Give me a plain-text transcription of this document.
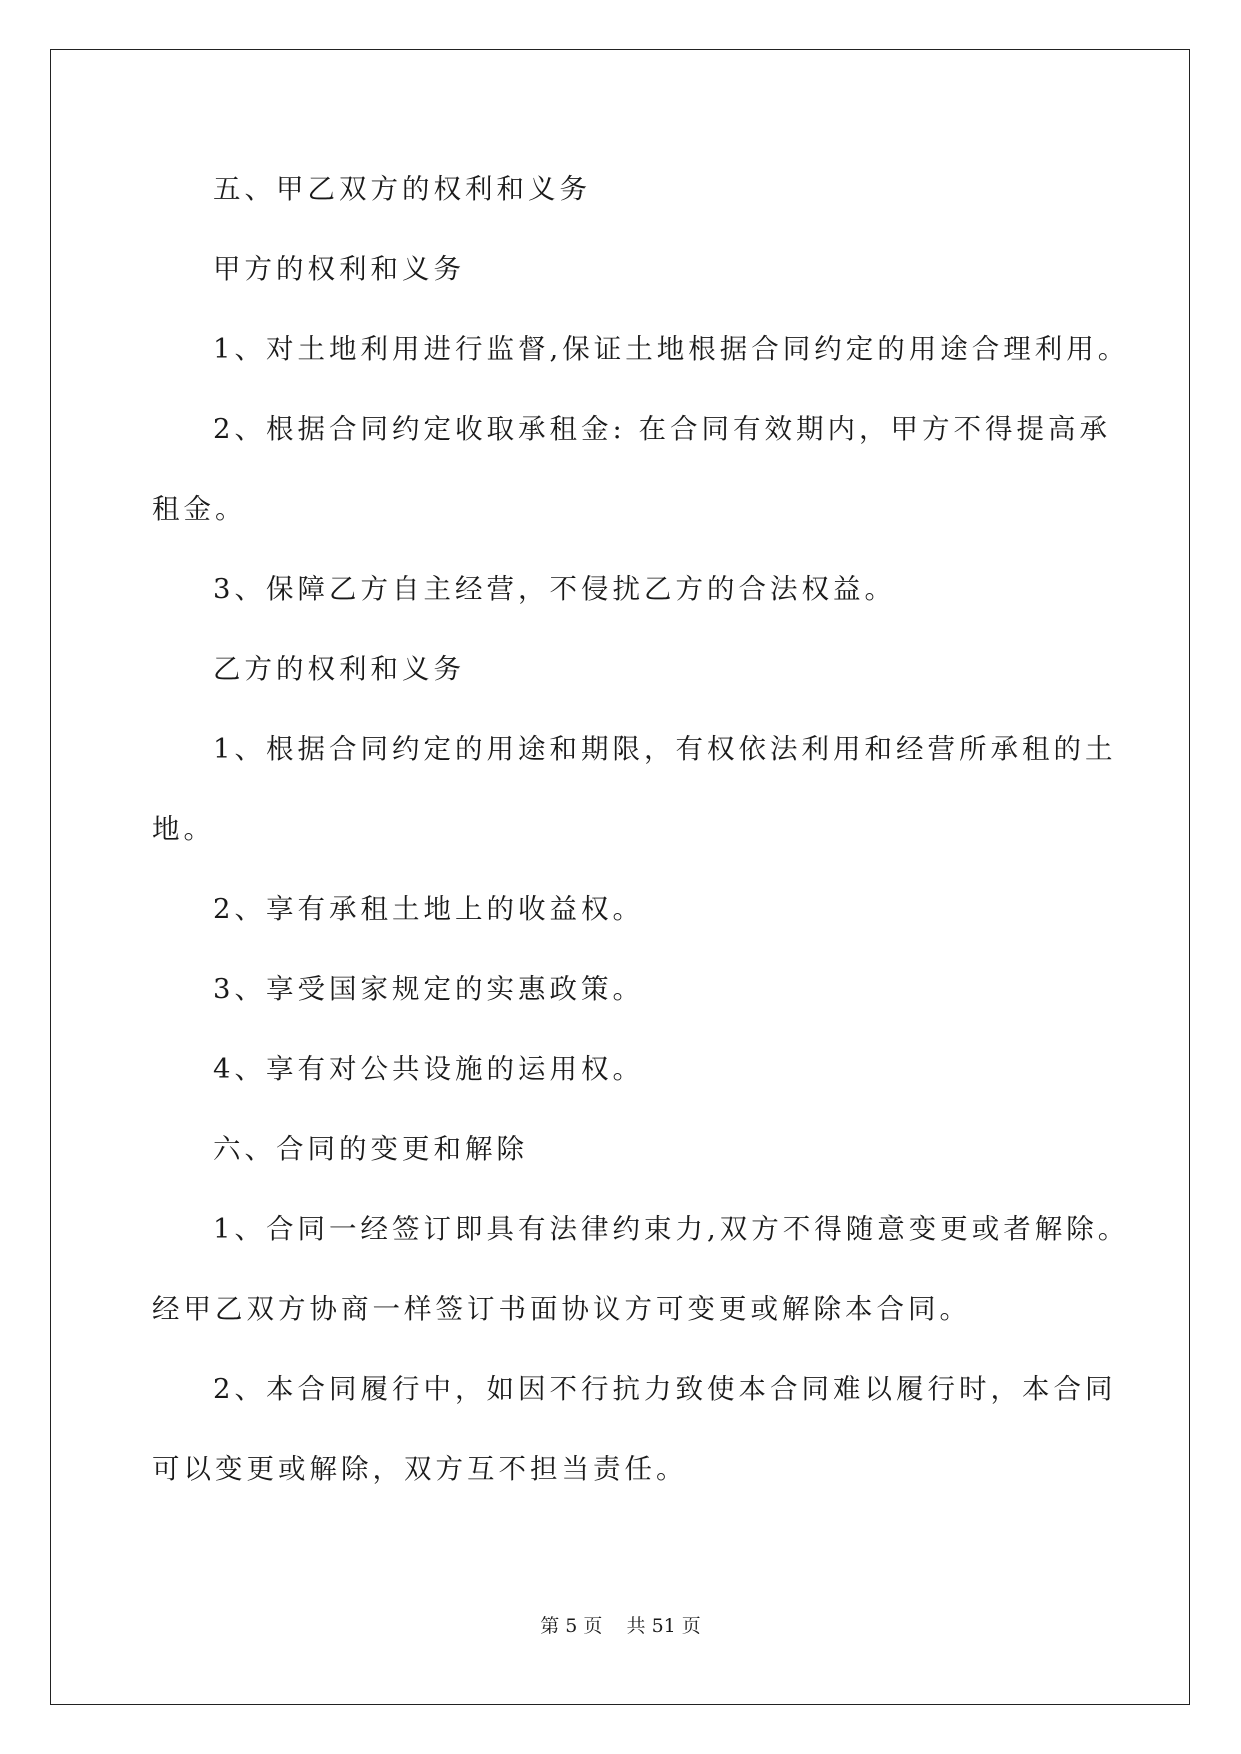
五、甲乙双方的权利和义务
甲方的权利和义务
1、对土地利用进行监督,保证土地根据合同约定的用途合理利用。
2、根据合同约定收取承租金: 在合同有效期内，甲方不得提高承
租金。
3、保障乙方自主经营，不侵扰乙方的合法权益。
乙方的权利和义务
1、根据合同约定的用途和期限，有权依法利用和经营所承租的土
地。
2、享有承租土地上的收益权。
3、享受国家规定的实惠政策。
4、享有对公共设施的运用权。
六、合同的变更和解除
1、合同一经签订即具有法律约束力,双方不得随意变更或者解除。
经甲乙双方协商一样签订书面协议方可变更或解除本合同。
2、本合同履行中，如因不行抗力致使本合同难以履行时，本合同
可以变更或解除，双方互不担当责任。
第 5 页    共 51 页
